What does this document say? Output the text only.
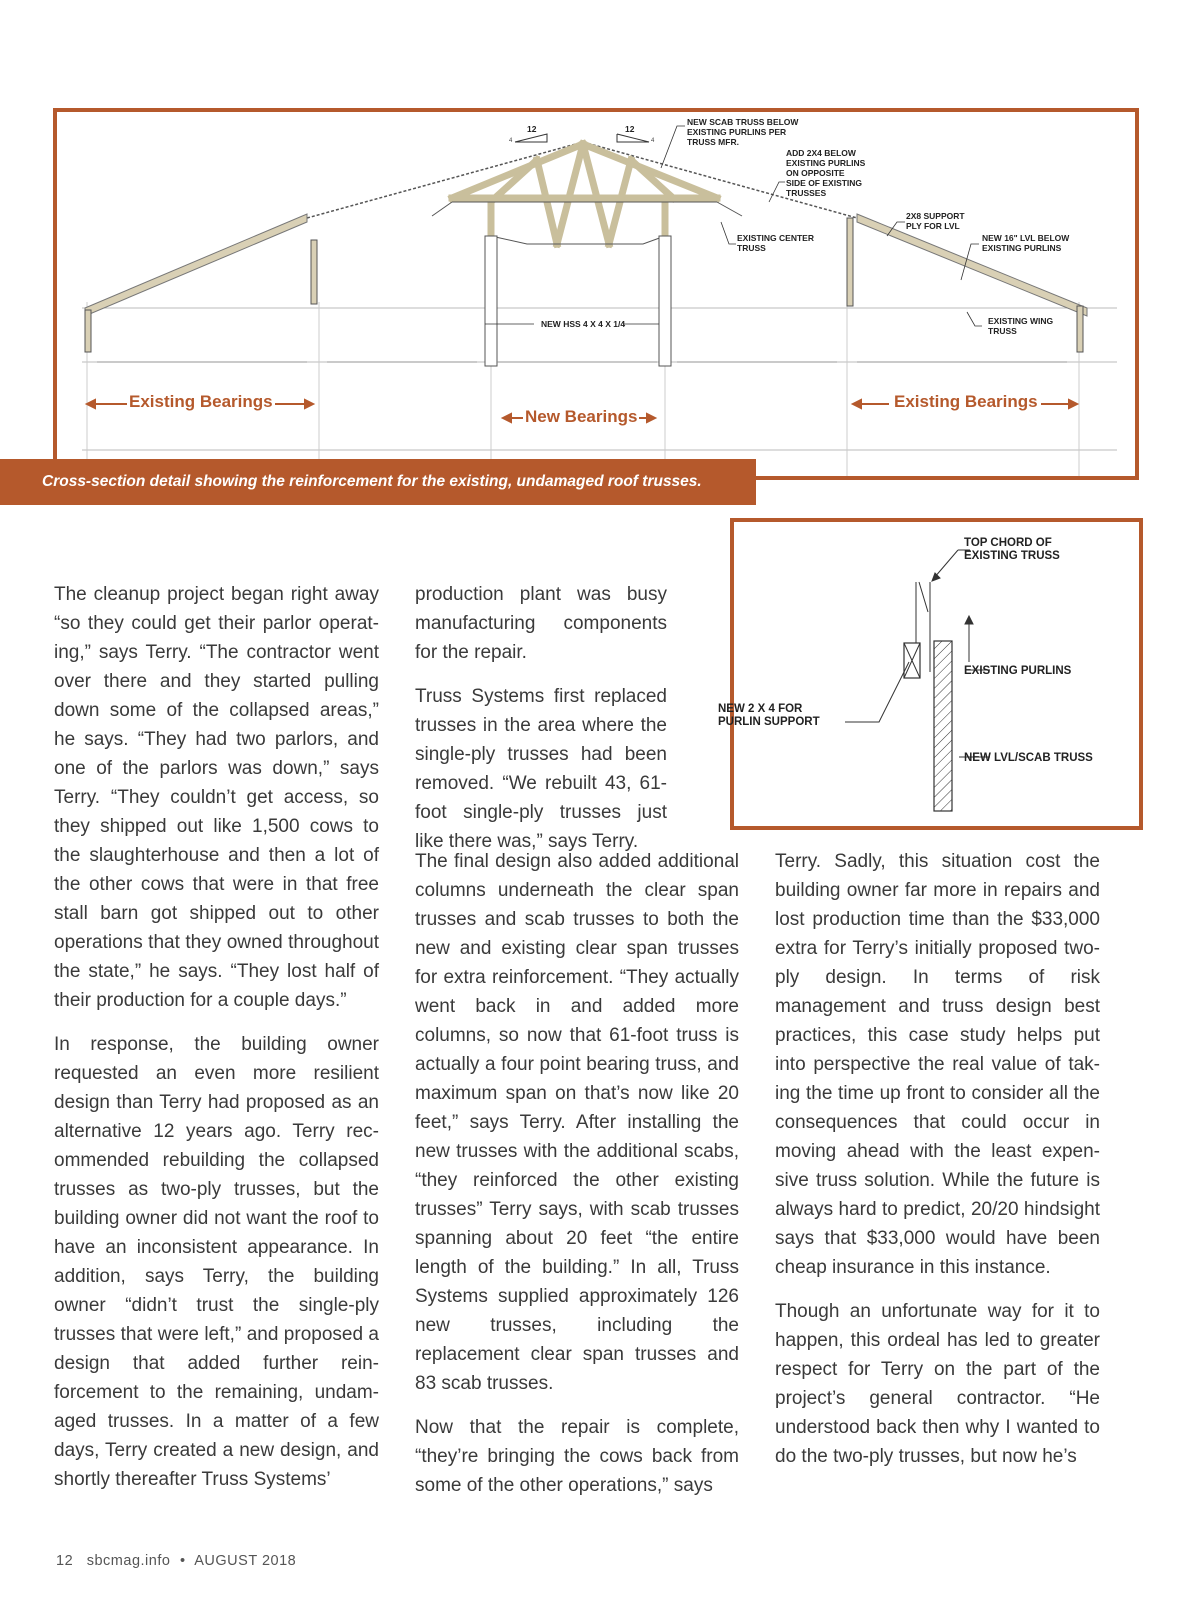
12	12
4	4
NEW SCAB TRUSS BELOW EXISTING PURLINS PER TRUSS MFR.
ADD 2X4 BELOW EXISTING PURLINS ON OPPOSITE SIDE OF EXISTING TRUSSES
2X8 SUPPORT PLY FOR LVL
EXISTING CENTER TRUSS
NEW 16" LVL BELOW EXISTING PURLINS
NEW HSS 4 X 4 X 1/4	EXISTING WING TRUSS
Existing Bearings
New Bearings
Existing Bearings
Cross-section detail showing the reinforcement for the existing, undamaged roof trusses.
TOP CHORD OF EXISTING TRUSS
EXISTING PURLINS
NEW 2 X 4 FOR PURLIN SUPPORT
NEW LVL/SCAB TRUSS

The cleanup project began right away “so they could get their parlor operating,” says Terry. “The contractor went over there and they started pulling down some of the collapsed areas,” he says. “They had two parlors, and one of the parlors was down,” says Terry. “They couldn’t get access, so they shipped out like 1,500 cows to the slaughterhouse and then a lot of the other cows that were in that free stall barn got shipped out to other operations that they owned throughout the state,” he says. “They lost half of their production for a couple days.”

In response, the building owner requested an even more resilient design than Terry had proposed as an alternative 12 years ago. Terry recommended rebuilding the collapsed trusses as two-ply trusses, but the building owner did not want the roof to have an inconsistent appearance. In addition, says Terry, the building owner “didn’t trust the single-ply trusses that were left,” and proposed a design that added further reinforcement to the remaining, undamaged trusses. In a matter of a few days, Terry created a new design, and shortly thereafter Truss Systems’

production plant was busy manufacturing components for the repair.

Truss Systems first replaced trusses in the area where the single-ply trusses had been removed. “We rebuilt 43, 61-foot single-ply trusses just like there was,” says Terry.

The final design also added additional columns underneath the clear span trusses and scab trusses to both the new and existing clear span trusses for extra reinforcement. “They actually went back in and added more columns, so now that 61-foot truss is actually a four point bearing truss, and maximum span on that’s now like 20 feet,” says Terry. After installing the new trusses with the additional scabs, “they reinforced the other existing trusses” Terry says, with scab trusses spanning about 20 feet “the entire length of the building.” In all, Truss Systems supplied approximately 126 new trusses, including the replacement clear span trusses and 83 scab trusses.

Now that the repair is complete, “they’re bringing the cows back from some of the other operations,” says

Terry. Sadly, this situation cost the building owner far more in repairs and lost production time than the $33,000 extra for Terry’s initially proposed two-ply design. In terms of risk management and truss design best practices, this case study helps put into perspective the real value of taking the time up front to consider all the consequences that could occur in moving ahead with the least expensive truss solution. While the future is always hard to predict, 20/20 hindsight says that $33,000 would have been cheap insurance in this instance.

Though an unfortunate way for it to happen, this ordeal has led to greater respect for Terry on the part of the project’s general contractor. “He understood back then why I wanted to do the two-ply trusses, but now he’s

12 sbcmag.info • AUGUST 2018
